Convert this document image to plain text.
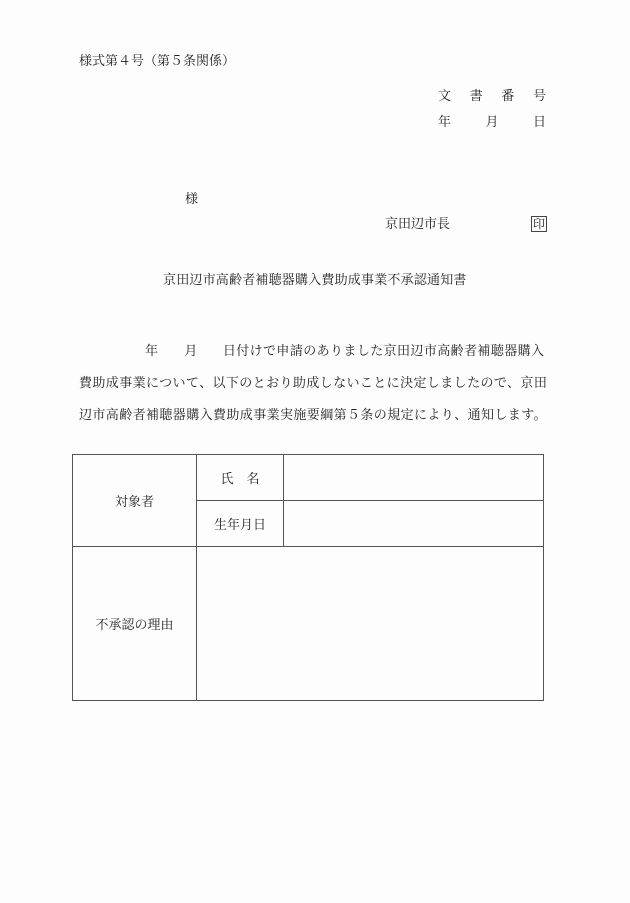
様式第４号（第５条関係）
文 書 番 号
年	月	日
様
京田辺市長	印
京田辺市高齢者補聴器購入費助成事業不承認通知書
年 月 日付けで申請のありました京田辺市高齢者補聴器購入
費助成事業について、以下のとおり助成しないことに決定しましたので、京田
辺市高齢者補聴器購入費助成事業実施要綱第５条の規定により、通知します。
対象者	氏　名	
	生年月日	
不承認の理由		
